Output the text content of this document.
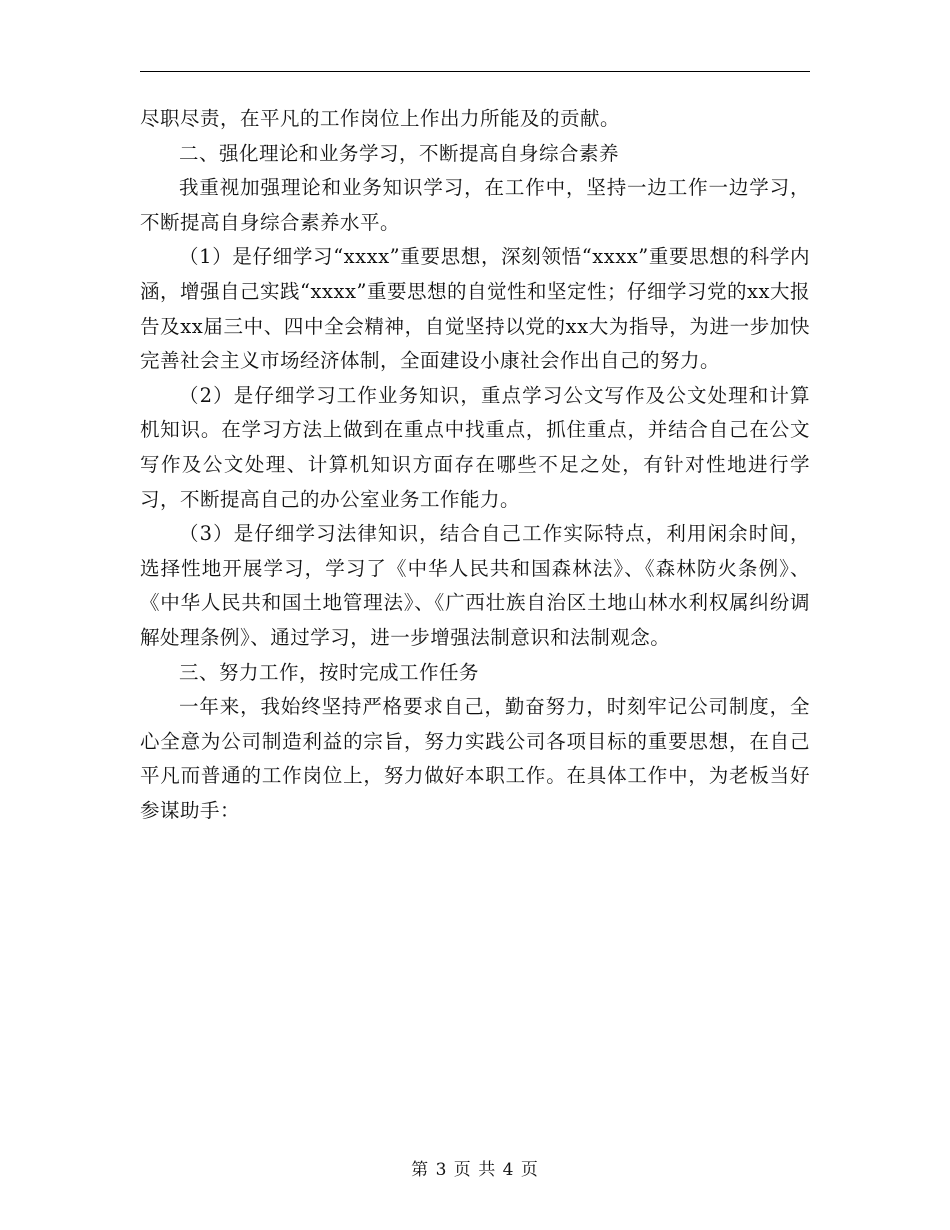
尽职尽责，在平凡的工作岗位上作出力所能及的贡献。

二、强化理论和业务学习，不断提高自身综合素养

我重视加强理论和业务知识学习，在工作中，坚持一边工作一边学习，不断提高自身综合素养水平。

（1）是仔细学习“xxxx”重要思想，深刻领悟“xxxx”重要思想的科学内涵，增强自己实践“xxxx”重要思想的自觉性和坚定性；仔细学习党的xx大报告及xx届三中、四中全会精神，自觉坚持以党的xx大为指导，为进一步加快完善社会主义市场经济体制，全面建设小康社会作出自己的努力。

（2）是仔细学习工作业务知识，重点学习公文写作及公文处理和计算机知识。在学习方法上做到在重点中找重点，抓住重点，并结合自己在公文写作及公文处理、计算机知识方面存在哪些不足之处，有针对性地进行学习，不断提高自己的办公室业务工作能力。

（3）是仔细学习法律知识，结合自己工作实际特点，利用闲余时间，选择性地开展学习，学习了《中华人民共和国森林法》、《森林防火条例》、《中华人民共和国土地管理法》、《广西壮族自治区土地山林水利权属纠纷调解处理条例》、通过学习，进一步增强法制意识和法制观念。

三、努力工作，按时完成工作任务

一年来，我始终坚持严格要求自己，勤奋努力，时刻牢记公司制度，全心全意为公司制造利益的宗旨，努力实践公司各项目标的重要思想，在自己平凡而普通的工作岗位上，努力做好本职工作。在具体工作中，为老板当好参谋助手：

第 3 页 共 4 页
